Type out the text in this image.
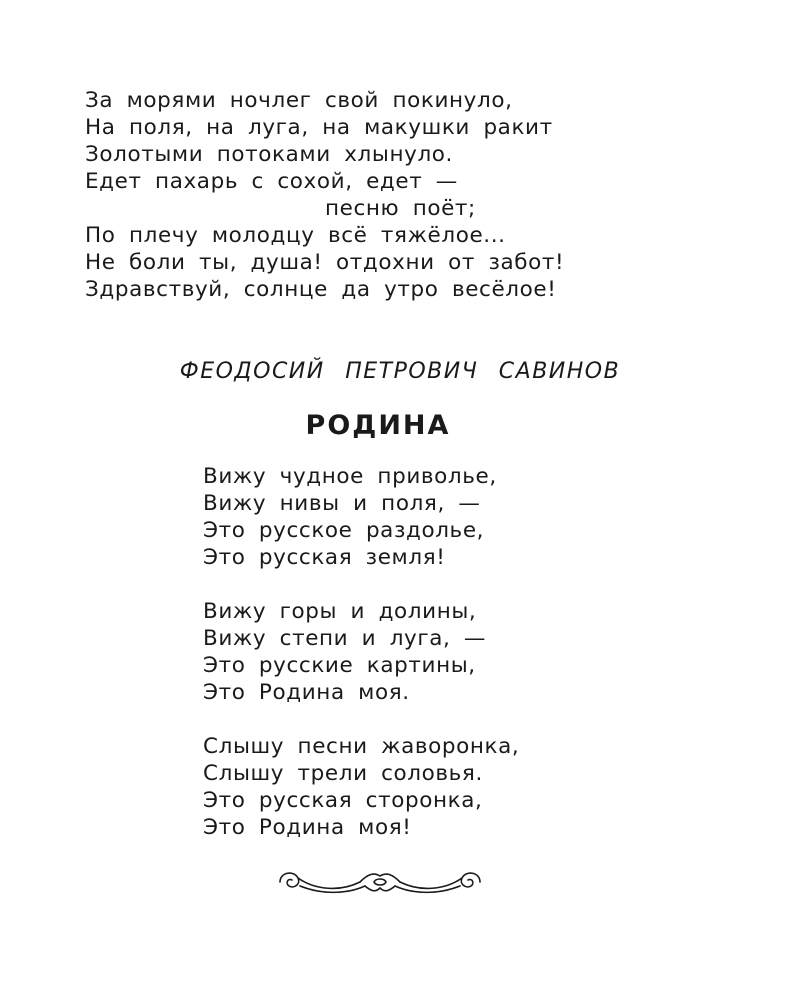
За морями ночлег свой покинуло,
На поля, на луга, на макушки ракит
Золотыми потоками хлынуло.
Едет пахарь с сохой, едет —
песню поёт;
По плечу молодцу всё тяжёлое...
Не боли ты, душа! отдохни от забот!
Здравствуй, солнце да утро весёлое!
ФЕОДОСИЙ ПЕТРОВИЧ САВИНОВ
РОДИНА
Вижу чудное приволье,
Вижу нивы и поля, —
Это русское раздолье,
Это русская земля!
Вижу горы и долины,
Вижу степи и луга, —
Это русские картины,
Это Родина моя.
Слышу песни жаворонка,
Слышу трели соловья.
Это русская сторонка,
Это Родина моя!
